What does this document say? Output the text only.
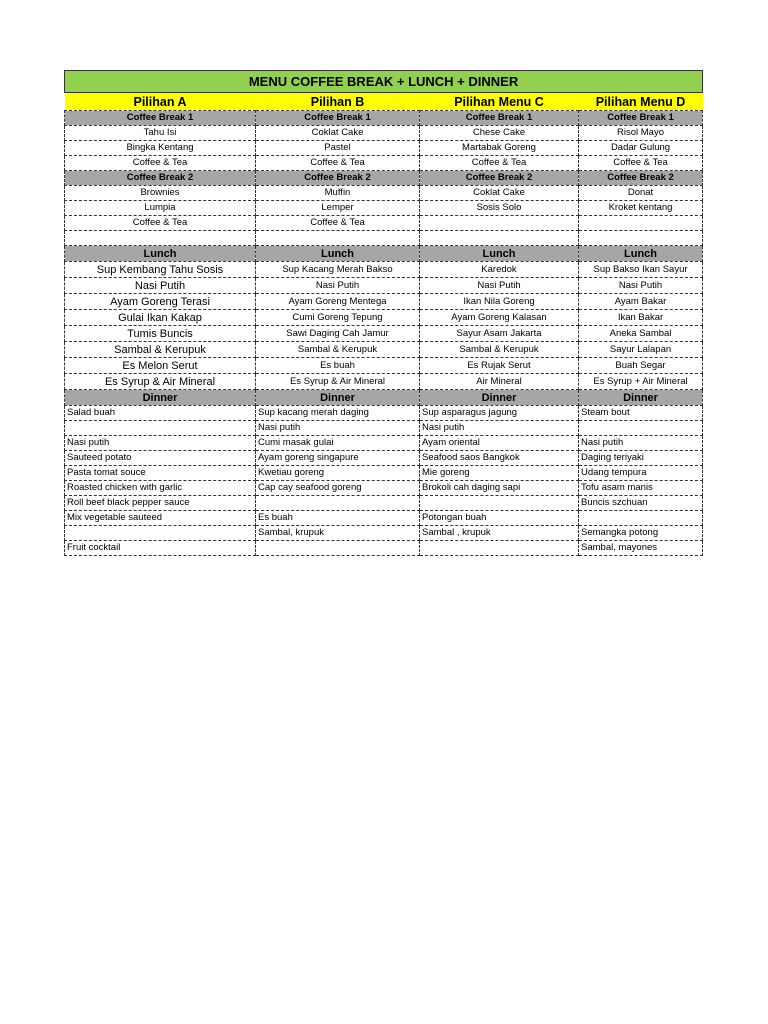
MENU COFFEE BREAK + LUNCH + DINNER			
Pilihan A	Pilihan B	Pilihan Menu C	Pilihan Menu D
Coffee Break 1	Coffee Break 1	Coffee Break 1	Coffee Break 1
Tahu Isi	Coklat Cake	Chese Cake	Risol Mayo
Bingka Kentang	Pastel	Martabak Goreng	Dadar Gulung
Coffee & Tea	Coffee & Tea	Coffee & Tea	Coffee & Tea
Coffee Break 2	Coffee Break 2	Coffee Break 2	Coffee Break 2
Brownies	Muffin	Coklat Cake	Donat
Lumpia	Lemper	Sosis Solo	Kroket kentang
Coffee & Tea	Coffee & Tea		

Lunch	Lunch	Lunch	Lunch
Sup Kembang Tahu Sosis	Sup Kacang Merah Bakso	Karedok	Sup Bakso Ikan Sayur
Nasi Putih	Nasi Putih	Nasi Putih	Nasi Putih
Ayam Goreng Terasi	Ayam Goreng Mentega	Ikan Nila Goreng	Ayam Bakar
Gulai Ikan Kakap	Cumi Goreng Tepung	Ayam Goreng Kalasan	Ikan Bakar
Tumis Buncis	Sawi Daging Cah Jamur	Sayur Asam Jakarta	Aneka Sambal
Sambal & Kerupuk	Sambal & Kerupuk	Sambal & Kerupuk	Sayur Lalapan
Es Melon Serut	Es buah	Es Rujak Serut	Buah Segar
Es Syrup & Air Mineral	Es Syrup & Air Mineral	Air Mineral	Es Syrup + Air Mineral
Dinner	Dinner	Dinner	Dinner
Salad buah	Sup kacang merah daging	Sup asparagus jagung	Steam bout
	Nasi putih	Nasi putih	
Nasi putih	Cumi masak gulai	Ayam oriental	Nasi putih
Sauteed potato	Ayam goreng singapure	Seafood saos Bangkok	Daging teriyaki
Pasta tomat souce	Kwetiau goreng	Mie goreng	Udang tempura
Roasted chicken with garlic	Cap cay seafood goreng	Brokoli cah daging sapi	Tofu asam manis
Roll beef black pepper sauce			Buncis szchuan
Mix vegetable sauteed	Es buah	Potongan buah	
	Sambal, krupuk	Sambal , krupuk	Semangka potong
Fruit cocktail			Sambal, mayones
